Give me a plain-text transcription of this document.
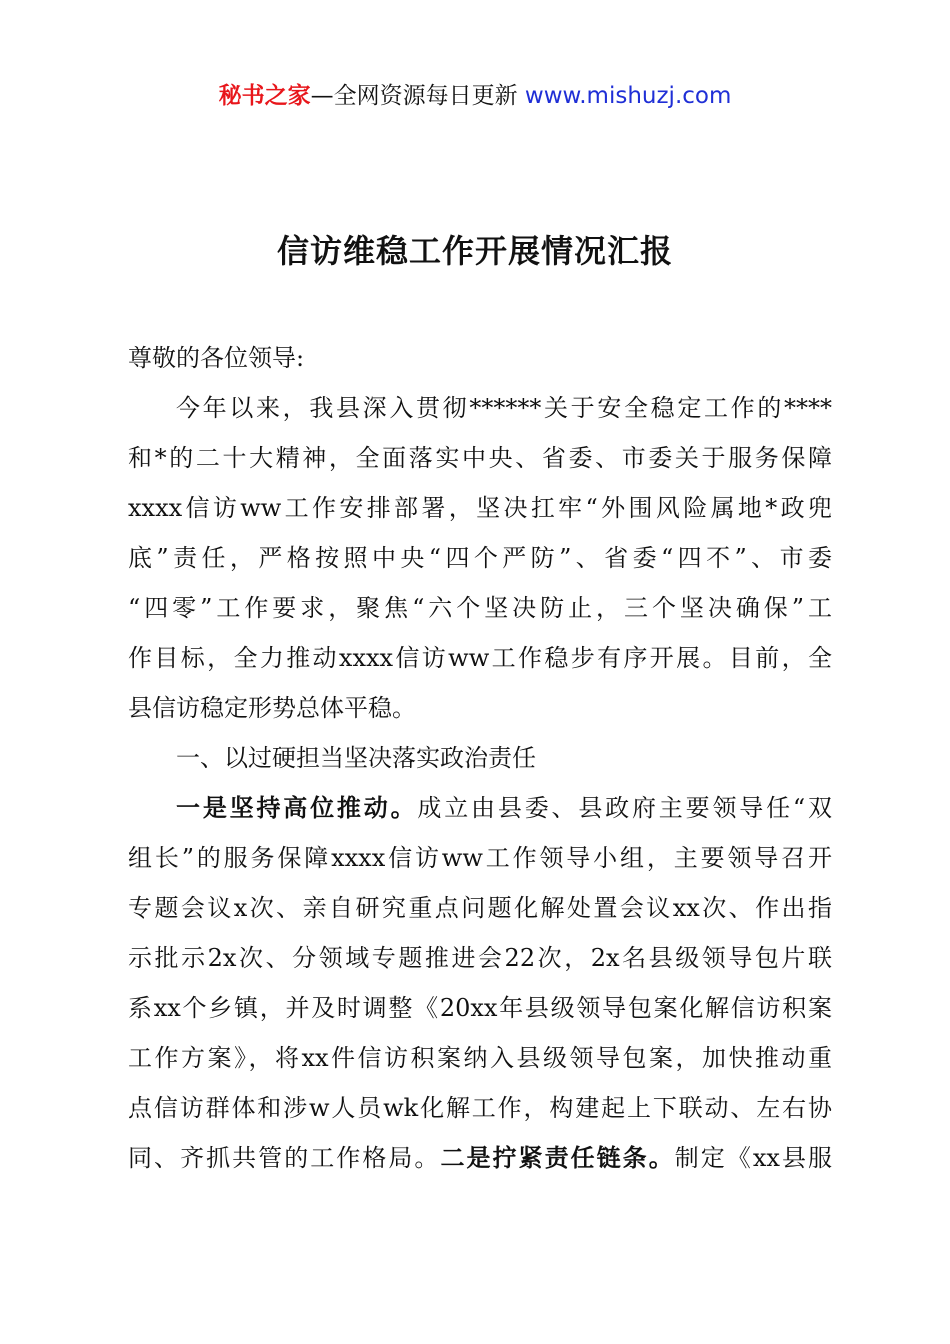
秘书之家—全网资源每日更新 www.mishuzj.com
信访维稳工作开展情况汇报
尊敬的各位领导:
今年以来，我县深入贯彻******关于安全稳定工作的****
和*的二十大精神，全面落实中央、省委、市委关于服务保障
xxxx信访ww工作安排部署，坚决扛牢“外围风险属地*政兜
底”责任，严格按照中央“四个严防”、省委“四不”、市委
“四零”工作要求，聚焦“六个坚决防止，三个坚决确保”工
作目标，全力推动xxxx信访ww工作稳步有序开展。目前，全
县信访稳定形势总体平稳。
一、以过硬担当坚决落实政治责任
一是坚持高位推动。成立由县委、县政府主要领导任“双
组长”的服务保障xxxx信访ww工作领导小组，主要领导召开
专题会议x次、亲自研究重点问题化解处置会议xx次、作出指
示批示2x次、分领域专题推进会22次，2x名县级领导包片联
系xx个乡镇，并及时调整《20xx年县级领导包案化解信访积案
工作方案》，将xx件信访积案纳入县级领导包案，加快推动重
点信访群体和涉w人员wk化解工作，构建起上下联动、左右协
同、齐抓共管的工作格局。二是拧紧责任链条。制定《xx县服
